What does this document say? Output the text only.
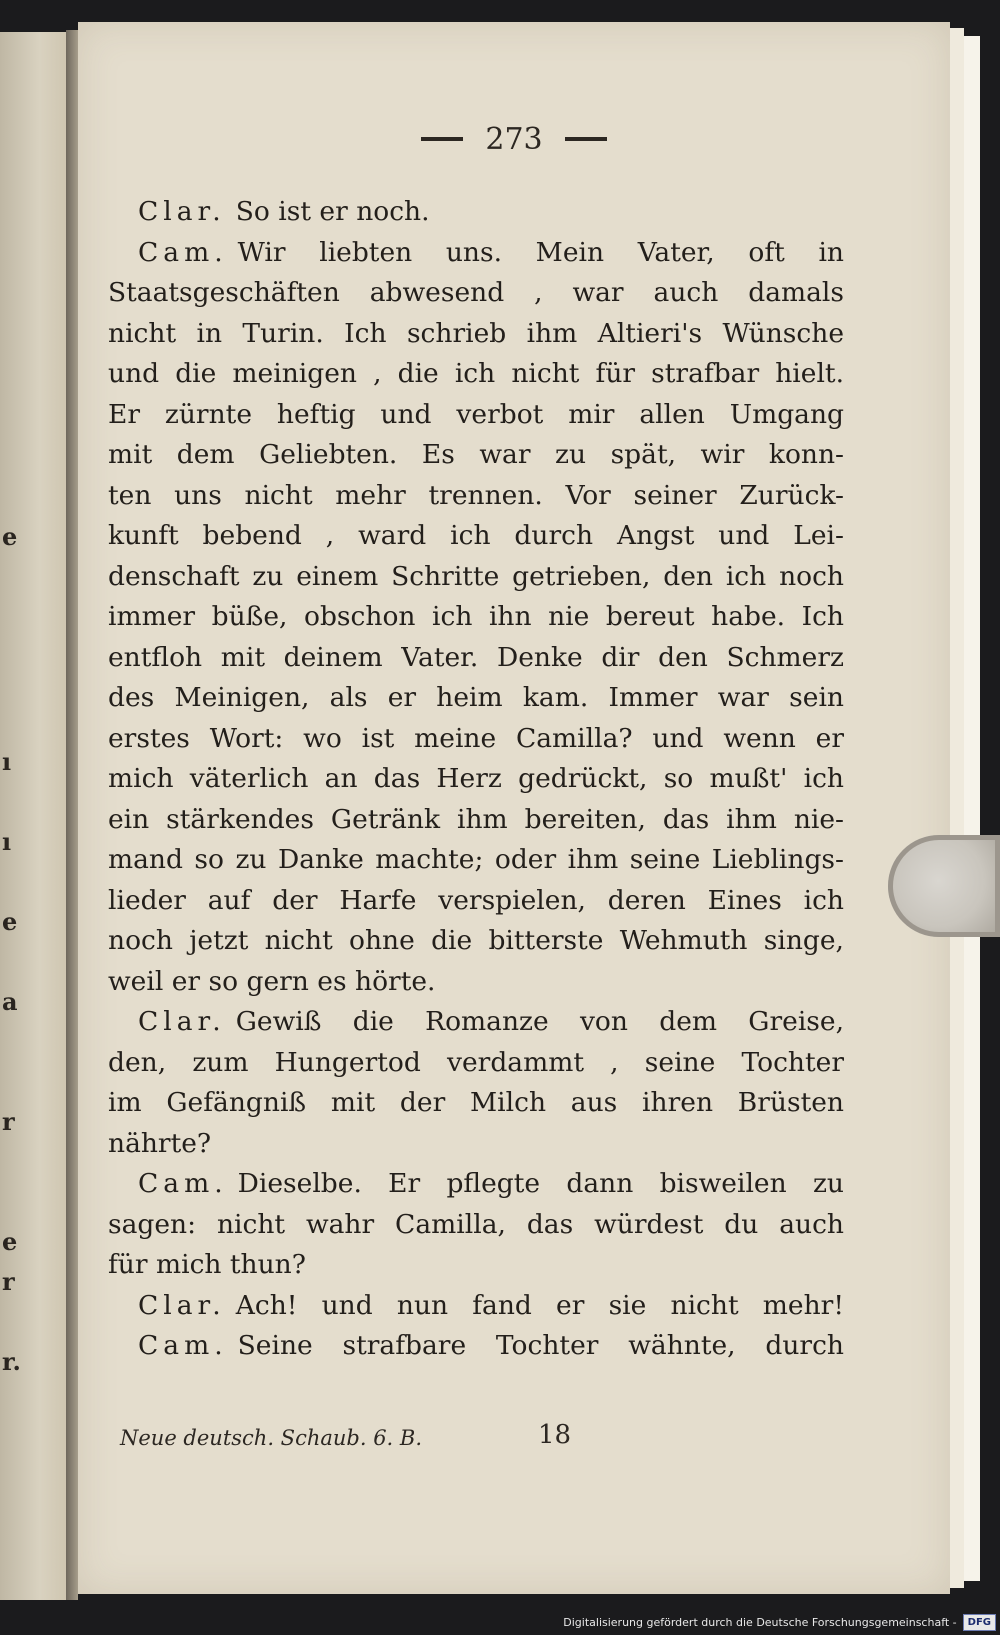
e
ı
ı
e
a
r
e
r
r.
273
Clar. So ist er noch.
Cam. Wir liebten uns. Mein Vater, oft in
Staatsgeschäften abwesend , war auch damals
nicht in Turin. Ich schrieb ihm Altieri's Wünsche
und die meinigen , die ich nicht für strafbar hielt.
Er zürnte heftig und verbot mir allen Umgang
mit dem Geliebten. Es war zu spät, wir konn-
ten uns nicht mehr trennen. Vor seiner Zurück-
kunft bebend , ward ich durch Angst und Lei-
denschaft zu einem Schritte getrieben, den ich noch
immer büße, obschon ich ihn nie bereut habe. Ich
entfloh mit deinem Vater. Denke dir den Schmerz
des Meinigen, als er heim kam. Immer war sein
erstes Wort: wo ist meine Camilla? und wenn er
mich väterlich an das Herz gedrückt, so mußt' ich
ein stärkendes Getränk ihm bereiten, das ihm nie-
mand so zu Danke machte; oder ihm seine Lieblings-
lieder auf der Harfe verspielen, deren Eines ich
noch jetzt nicht ohne die bitterste Wehmuth singe,
weil er so gern es hörte.
Clar. Gewiß die Romanze von dem Greise,
den, zum Hungertod verdammt , seine Tochter
im Gefängniß mit der Milch aus ihren Brüsten
nährte?
Cam. Dieselbe. Er pflegte dann bisweilen zu
sagen: nicht wahr Camilla, das würdest du auch
für mich thun?
Clar. Ach! und nun fand er sie nicht mehr!
Cam. Seine strafbare Tochter wähnte, durch
Neue deutsch. Schaub. 6. B.	18
Digitalisierung gefördert durch die Deutsche Forschungsgemeinschaft -	DFG
